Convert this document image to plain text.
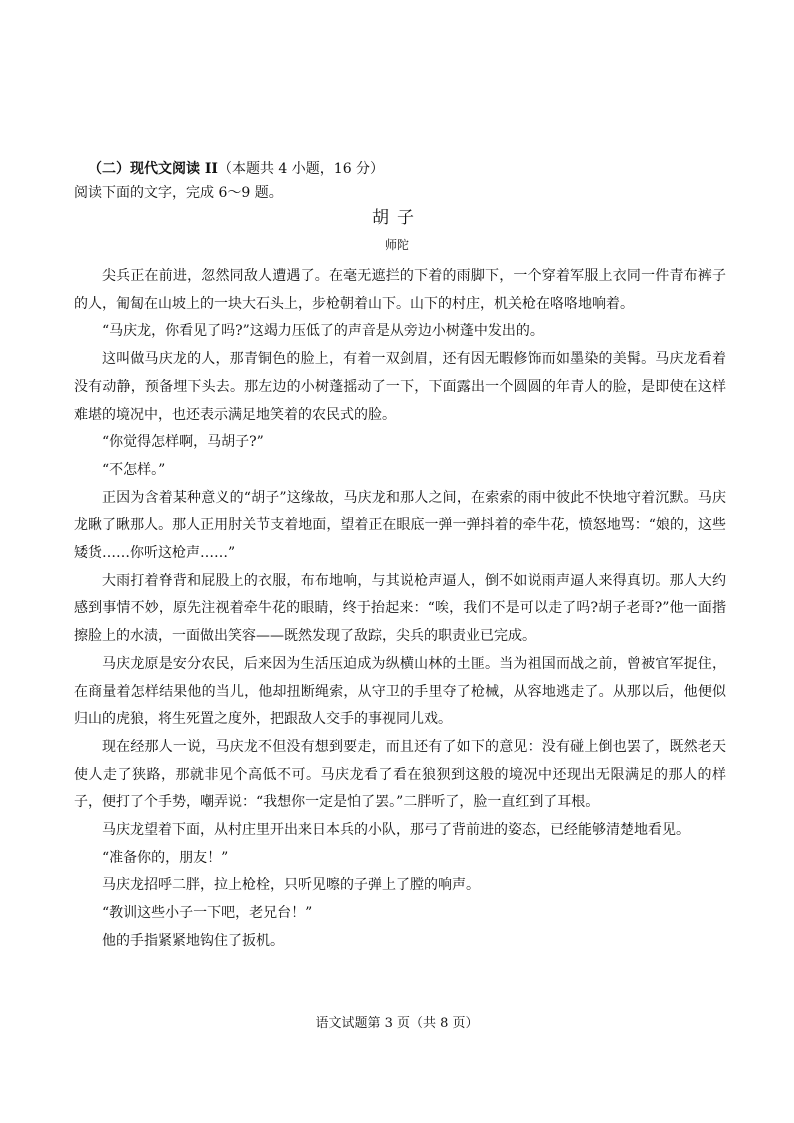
（二）现代文阅读 II（本题共 4 小题，16 分）
阅读下面的文字，完成 6～9 题。
胡子
师陀

尖兵正在前进，忽然同敌人遭遇了。在毫无遮拦的下着的雨脚下，一个穿着军服上衣同一件青布裤子的人，匍匐在山坡上的一块大石头上，步枪朝着山下。山下的村庄，机关枪在咯咯地响着。

“马庆龙，你看见了吗?”这竭力压低了的声音是从旁边小树蓬中发出的。

这叫做马庆龙的人，那青铜色的脸上，有着一双剑眉，还有因无暇修饰而如墨染的美髯。马庆龙看着没有动静，预备埋下头去。那左边的小树蓬摇动了一下，下面露出一个圆圆的年青人的脸，是即使在这样难堪的境况中，也还表示满足地笑着的农民式的脸。

“你觉得怎样啊，马胡子?”

“不怎样。”

正因为含着某种意义的“胡子”这缘故，马庆龙和那人之间，在索索的雨中彼此不快地守着沉默。马庆龙瞅了瞅那人。那人正用肘关节支着地面，望着正在眼底一弹一弹抖着的牵牛花，愤怒地骂：“娘的，这些矮货……你听这枪声……”

大雨打着脊背和屁股上的衣服，布布地响，与其说枪声逼人，倒不如说雨声逼人来得真切。那人大约感到事情不妙，原先注视着牵牛花的眼睛，终于抬起来：“唉，我们不是可以走了吗?胡子老哥?”他一面揩擦脸上的水渍，一面做出笑容——既然发现了敌踪，尖兵的职责业已完成。

马庆龙原是安分农民，后来因为生活压迫成为纵横山林的土匪。当为祖国而战之前，曾被官军捉住，在商量着怎样结果他的当儿，他却扭断绳索，从守卫的手里夺了枪械，从容地逃走了。从那以后，他便似归山的虎狼，将生死置之度外，把跟敌人交手的事视同儿戏。

现在经那人一说，马庆龙不但没有想到要走，而且还有了如下的意见：没有碰上倒也罢了，既然老天使人走了狭路，那就非见个高低不可。马庆龙看了看在狼狈到这般的境况中还现出无限满足的那人的样子，便打了个手势，嘲弄说：“我想你一定是怕了罢。”二胖听了，脸一直红到了耳根。

马庆龙望着下面，从村庄里开出来日本兵的小队，那弓了背前进的姿态，已经能够清楚地看见。

“准备你的，朋友！”

马庆龙招呼二胖，拉上枪栓，只听见嚓的子弹上了膛的响声。

“教训这些小子一下吧，老兄台！”

他的手指紧紧地钩住了扳机。

语文试题第 3 页（共 8 页）
